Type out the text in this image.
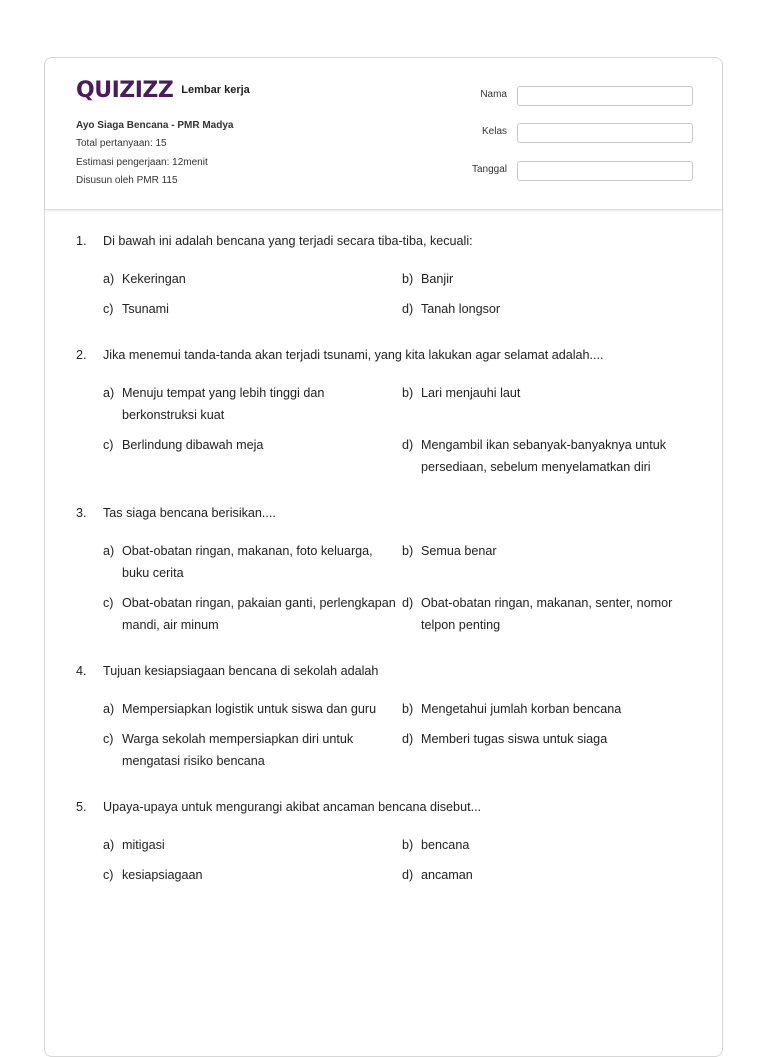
QUIZIZZ Lembar kerja
Ayo Siaga Bencana - PMR Madya
Total pertanyaan: 15
Estimasi pengerjaan: 12menit
Disusun oleh PMR 115
Nama
Kelas
Tanggal
1.	Di bawah ini adalah bencana yang terjadi secara tiba-tiba, kecuali:
a) Kekeringan	b) Banjir
c) Tsunami	d) Tanah longsor
2.	Jika menemui tanda-tanda akan terjadi tsunami, yang kita lakukan agar selamat adalah....
a) Menuju tempat yang lebih tinggi dan berkonstruksi kuat
b) Lari menjauhi laut
c) Berlindung dibawah meja	d) Mengambil ikan sebanyak-banyaknya untuk persediaan, sebelum menyelamatkan diri
3.	Tas siaga bencana berisikan....
a) Obat-obatan ringan, makanan, foto keluarga, buku cerita
b) Semua benar
c) Obat-obatan ringan, pakaian ganti, perlengkapan mandi, air minum
d) Obat-obatan ringan, makanan, senter, nomor telpon penting
4.	Tujuan kesiapsiagaan bencana di sekolah adalah
a) Mempersiapkan logistik untuk siswa dan guru	b) Mengetahui jumlah korban bencana
c) Warga sekolah mempersiapkan diri untuk mengatasi risiko bencana
d) Memberi tugas siswa untuk siaga
5.	Upaya-upaya untuk mengurangi akibat ancaman bencana disebut...
a) mitigasi	b) bencana
c) kesiapsiagaan	d) ancaman
